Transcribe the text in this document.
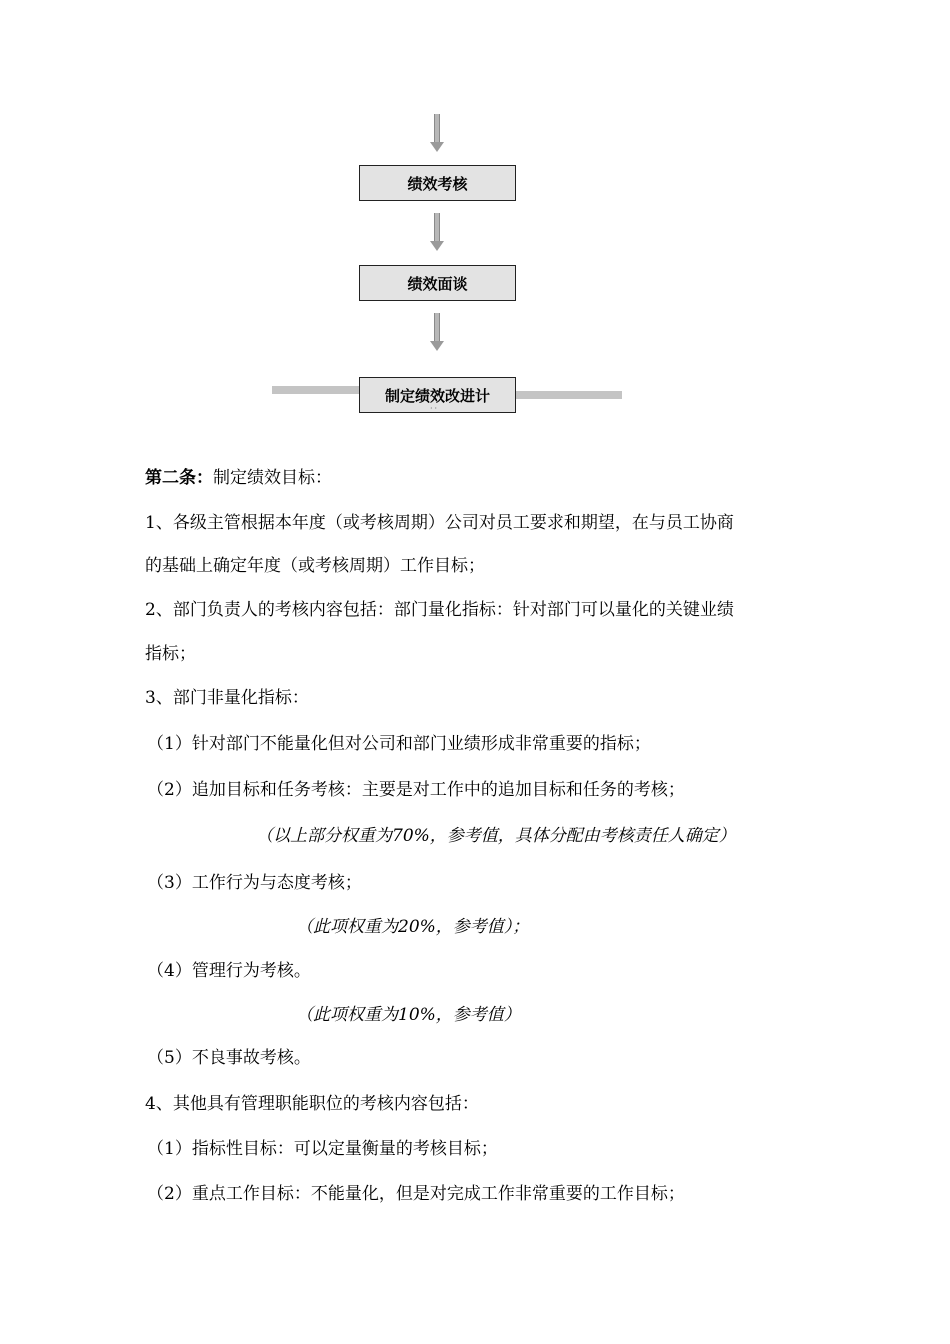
绩效考核
绩效面谈
制定绩效改进计
··
第二条：制定绩效目标：
1、各级主管根据本年度（或考核周期）公司对员工要求和期望，在与员工协商
的基础上确定年度（或考核周期）工作目标；
2、部门负责人的考核内容包括：部门量化指标：针对部门可以量化的关键业绩
指标；
3、部门非量化指标：
（1）针对部门不能量化但对公司和部门业绩形成非常重要的指标；
（2）追加目标和任务考核：主要是对工作中的追加目标和任务的考核；
（以上部分权重为70%，参考值，具体分配由考核责任人确定）
（3）工作行为与态度考核；
（此项权重为20%，参考值）；
（4）管理行为考核。
（此项权重为10%，参考值）
（5）不良事故考核。
4、其他具有管理职能职位的考核内容包括：
（1）指标性目标：可以定量衡量的考核目标；
（2）重点工作目标：不能量化，但是对完成工作非常重要的工作目标；
